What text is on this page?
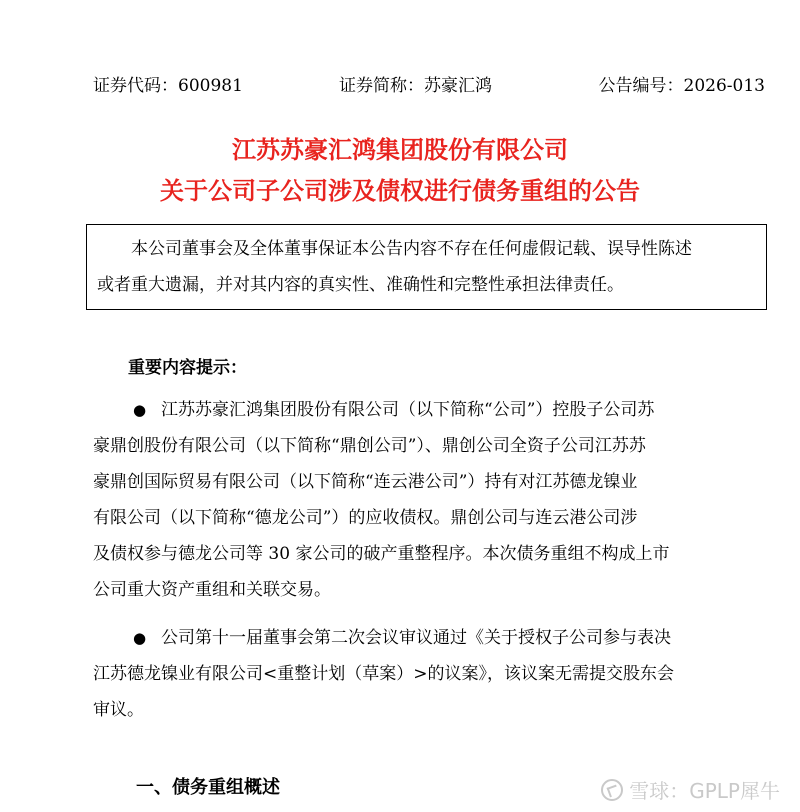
证券代码：600981	证券简称：苏豪汇鸿	公告编号：2026-013
江苏苏豪汇鸿集团股份有限公司
关于公司子公司涉及债权进行债务重组的公告

本公司董事会及全体董事保证本公告内容不存在任何虚假记载、误导性陈述

或者重大遗漏，并对其内容的真实性、准确性和完整性承担法律责任。
重要内容提示：
● 江苏苏豪汇鸿集团股份有限公司（以下简称“公司”）控股子公司苏
豪鼎创股份有限公司（以下简称“鼎创公司”）、鼎创公司全资子公司江苏苏
豪鼎创国际贸易有限公司（以下简称“连云港公司”）持有对江苏德龙镍业
有限公司（以下简称“德龙公司”）的应收债权。鼎创公司与连云港公司涉
及债权参与德龙公司等 30 家公司的破产重整程序。本次债务重组不构成上市
公司重大资产重组和关联交易。
● 公司第十一届董事会第二次会议审议通过《关于授权子公司参与表决
江苏德龙镍业有限公司<重整计划（草案）>的议案》，该议案无需提交股东会
审议。
一、债务重组概述	雪球：GPLP犀牛
